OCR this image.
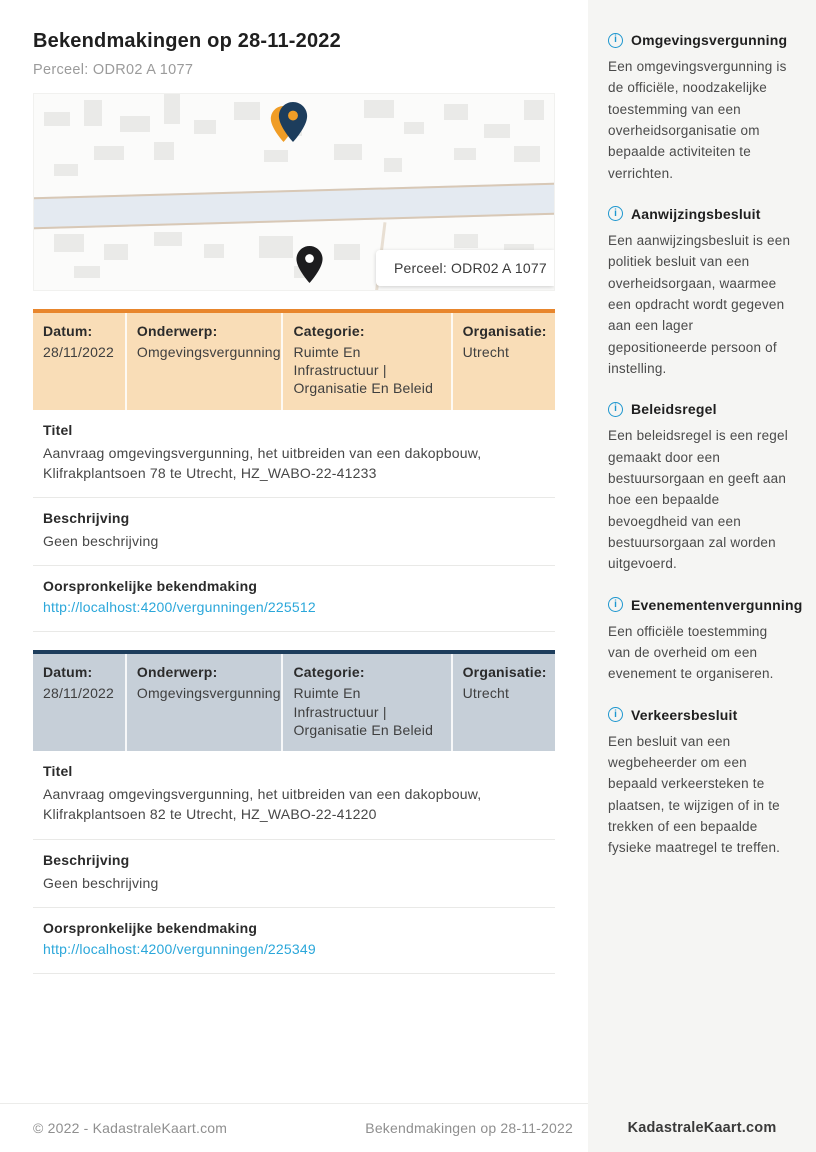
Bekendmakingen op 28-11-2022
Perceel: ODR02 A 1077
Perceel: ODR02 A 1077
Datum:
28/11/2022
Onderwerp:
Omgevingsvergunning
Categorie:
Ruimte En Infrastructuur | Organisatie En Beleid
Organisatie:
Utrecht
Titel
Aanvraag omgevingsvergunning, het uitbreiden van een dakopbouw, Klifrakplantsoen 78 te Utrecht, HZ_WABO-22-41233
Beschrijving
Geen beschrijving
Oorspronkelijke bekendmaking
http://localhost:4200/vergunningen/225512
Datum:
28/11/2022
Onderwerp:
Omgevingsvergunning
Categorie:
Ruimte En Infrastructuur | Organisatie En Beleid
Organisatie:
Utrecht
Titel
Aanvraag omgevingsvergunning, het uitbreiden van een dakopbouw, Klifrakplantsoen 82 te Utrecht, HZ_WABO-22-41220
Beschrijving
Geen beschrijving
Oorspronkelijke bekendmaking
http://localhost:4200/vergunningen/225349
© 2022 - KadastraleKaart.com	Bekendmakingen op 28-11-2022
i	Omgevingsvergunning
Een omgevingsvergunning is de officiële, noodzakelijke toestemming van een overheidsorganisatie om bepaalde activiteiten te verrichten.
i	Aanwijzingsbesluit
Een aanwijzingsbesluit is een politiek besluit van een overheidsorgaan, waarmee een opdracht wordt gegeven aan een lager gepositioneerde persoon of instelling.
i	Beleidsregel
Een beleidsregel is een regel gemaakt door een bestuursorgaan en geeft aan hoe een bepaalde bevoegdheid van een bestuursorgaan zal worden uitgevoerd.
i	Evenementenvergunning
Een officiële toestemming van de overheid om een evenement te organiseren.
i	Verkeersbesluit
Een besluit van een wegbeheerder om een bepaald verkeersteken te plaatsen, te wijzigen of in te trekken of een bepaalde fysieke maatregel te treffen.
KadastraleKaart.com
